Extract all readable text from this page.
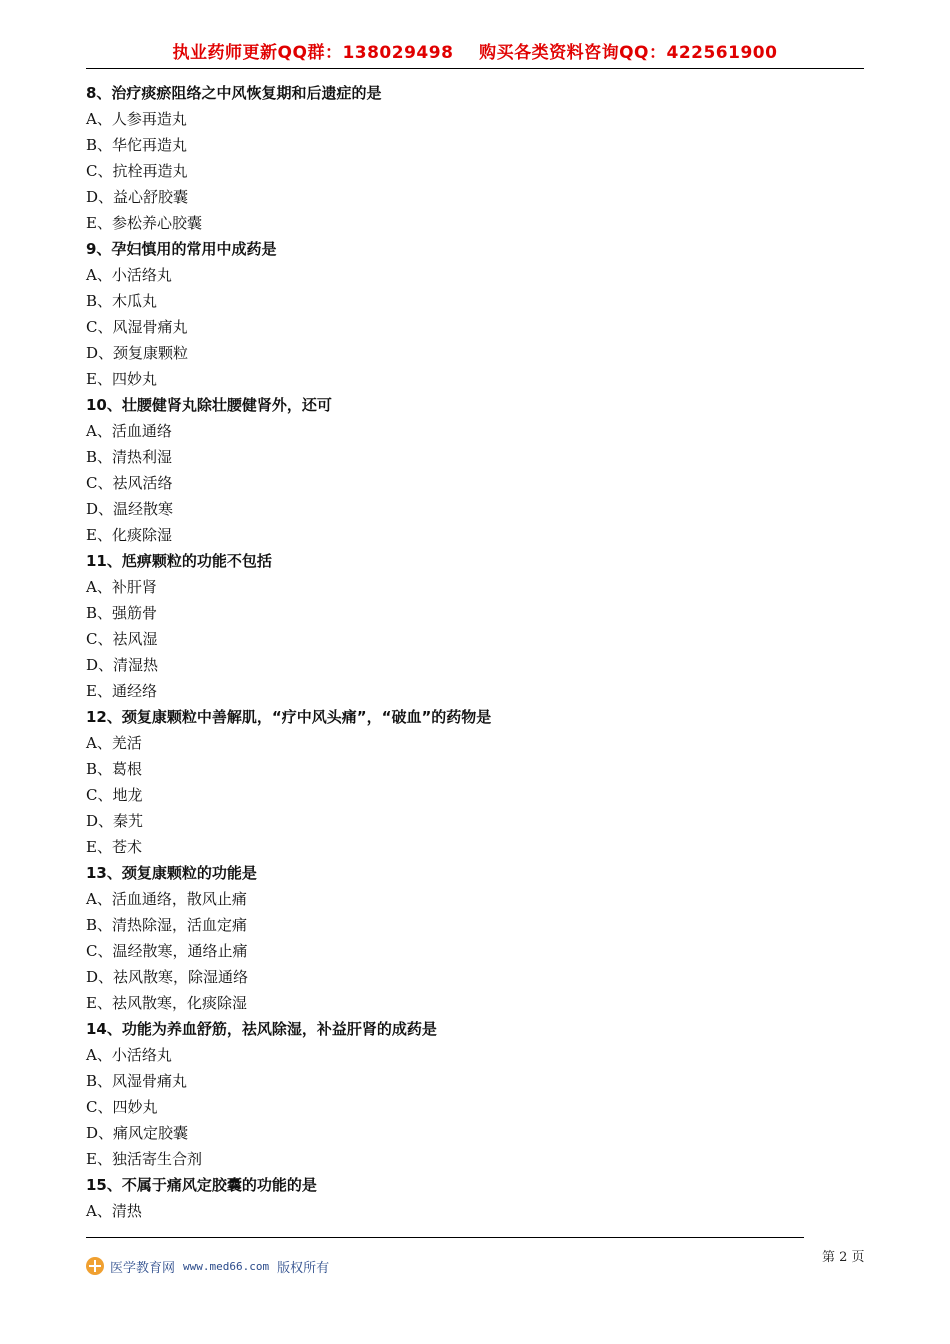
执业药师更新QQ群：138029498    购买各类资料咨询QQ：422561900
8、治疗痰瘀阻络之中风恢复期和后遗症的是
A、人参再造丸
B、华佗再造丸
C、抗栓再造丸
D、益心舒胶囊
E、参松养心胶囊
9、孕妇慎用的常用中成药是
A、小活络丸
B、木瓜丸
C、风湿骨痛丸
D、颈复康颗粒
E、四妙丸
10、壮腰健肾丸除壮腰健肾外，还可
A、活血通络
B、清热利湿
C、祛风活络
D、温经散寒
E、化痰除湿
11、尪痹颗粒的功能不包括
A、补肝肾
B、强筋骨
C、祛风湿
D、清湿热
E、通经络
12、颈复康颗粒中善解肌，“疗中风头痛”，“破血”的药物是
A、羌活
B、葛根
C、地龙
D、秦艽
E、苍术
13、颈复康颗粒的功能是
A、活血通络，散风止痛
B、清热除湿，活血定痛
C、温经散寒，通络止痛
D、祛风散寒，除湿通络
E、祛风散寒，化痰除湿
14、功能为养血舒筋，祛风除湿，补益肝肾的成药是
A、小活络丸
B、风湿骨痛丸
C、四妙丸
D、痛风定胶囊
E、独活寄生合剂
15、不属于痛风定胶囊的功能的是
A、清热
医学教育网 www.med66.com 版权所有
第 2 页
